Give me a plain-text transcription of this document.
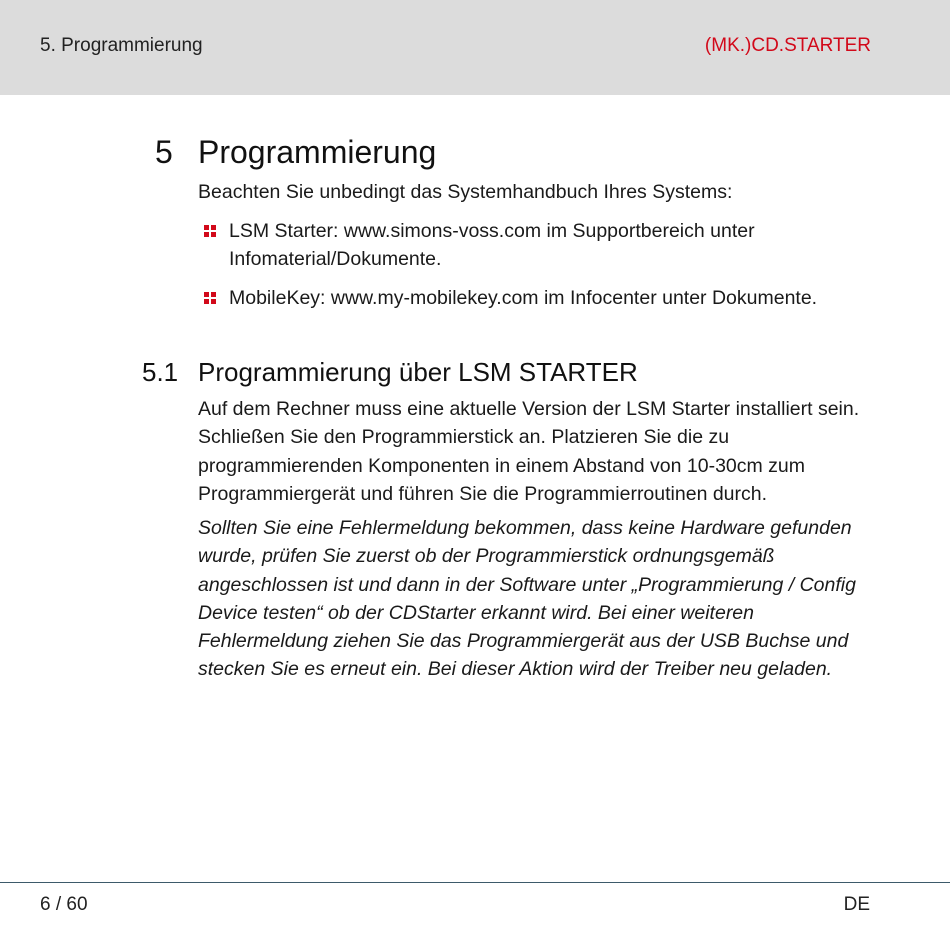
5. Programmierung	(MK.)CD.STARTER
5 Programmierung
Beachten Sie unbedingt das Systemhandbuch Ihres Systems:
LSM Starter: www.simons-voss.com im Supportbereich unter Infomaterial/Dokumente.
MobileKey: www.my-mobilekey.com im Infocenter unter Dokumente.
5.1 Programmierung über LSM STARTER
Auf dem Rechner muss eine aktuelle Version der LSM Starter installiert sein. Schließen Sie den Programmierstick an. Platzieren Sie die zu programmierenden Komponenten in einem Abstand von 10-30cm zum Programmiergerät und führen Sie die Programmierroutinen durch.
Sollten Sie eine Fehlermeldung bekommen, dass keine Hardware gefunden wurde, prüfen Sie zuerst ob der Programmierstick ordnungsgemäß angeschlossen ist und dann in der Software unter „Programmierung / Config Device testen“ ob der CDStarter erkannt wird. Bei einer weiteren Fehlermeldung ziehen Sie das Programmiergerät aus der USB Buchse und stecken Sie es erneut ein. Bei dieser Aktion wird der Treiber neu geladen.
6 / 60	DE
